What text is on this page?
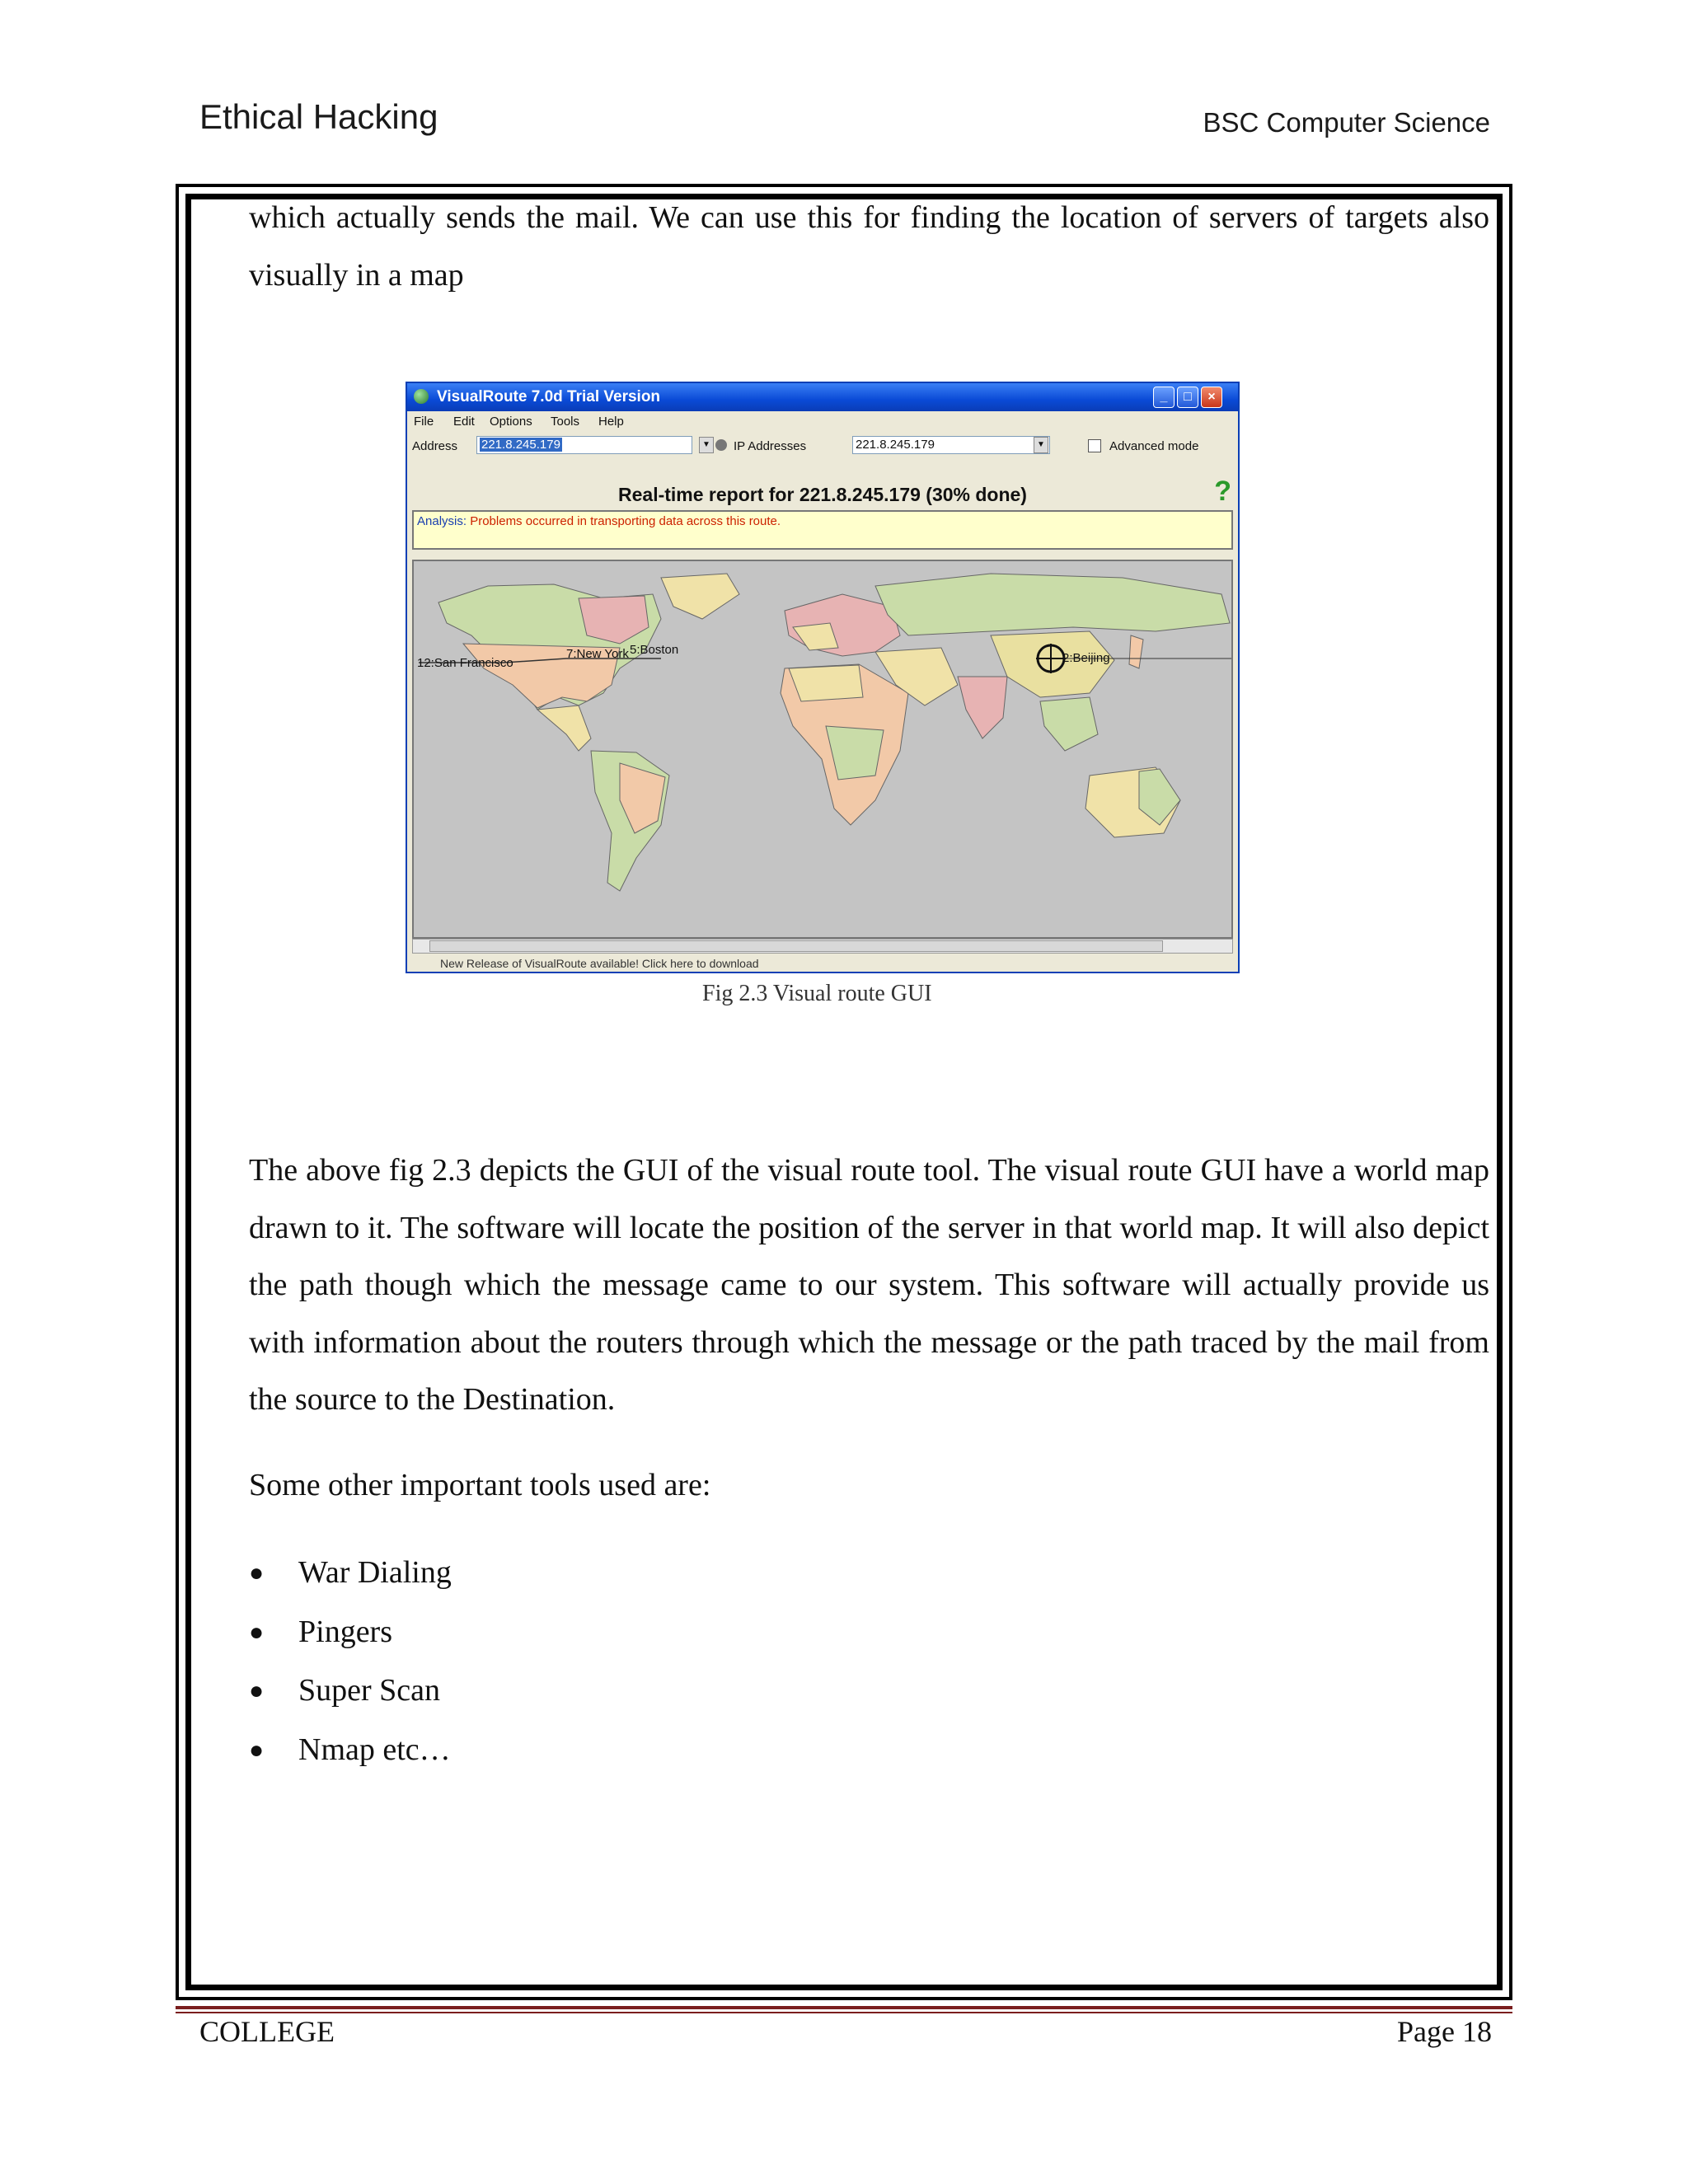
Ethical Hacking	BSC Computer Science
which actually sends the mail. We can use this for finding the location of servers of targets also visually in a map
VisualRoute 7.0d Trial Version	_	□	×
File Edit Options Tools Help
Address	221.8.245.179	▼ IP Addresses	221.8.245.179	▼	Advanced mode
Real-time report for 221.8.245.179 (30% done)	?
Analysis: Problems occurred in transporting data across this route.
12:San Francisco
7:New York 5:Boston
2:Beijing
New Release of VisualRoute available! Click here to download
Fig 2.3 Visual route GUI
The above fig 2.3 depicts the GUI of the visual route tool. The visual route GUI have a world map drawn to it. The software will locate the position of the server in that world map. It will also depict the path though which the message came to our system. This software will actually provide us with information about the routers through which the message or the path traced by the mail from the source to the Destination.
Some other important tools used are:
● War Dialing
● Pingers
● Super Scan
● Nmap etc…
COLLEGE	Page 18
